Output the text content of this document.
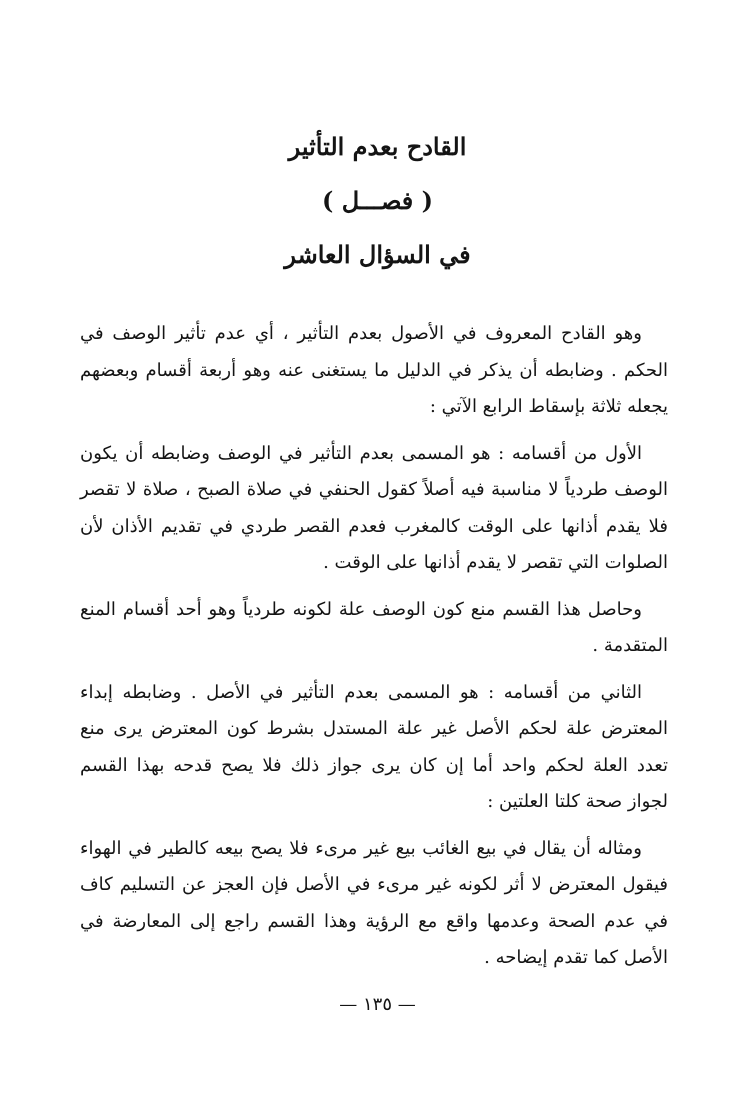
القادح بعدم التأثير
( فصـــل )
في السؤال العاشر

وهو القادح المعروف في الأصول بعدم التأثير ، أي عدم تأثير الوصف في الحكم . وضابطه أن يذكر في الدليل ما يستغنى عنه وهو أربعة أقسام وبعضهم يجعله ثلاثة بإسقاط الرابع الآتي :

الأول من أقسامه : هو المسمى بعدم التأثير في الوصف وضابطه أن يكون الوصف طردياً لا مناسبة فيه أصلاً كقول الحنفي في صلاة الصبح ، صلاة لا تقصر فلا يقدم أذانها على الوقت كالمغرب فعدم القصر طردي في تقديم الأذان لأن الصلوات التي تقصر لا يقدم أذانها على الوقت .

وحاصل هذا القسم منع كون الوصف علة لكونه طردياً وهو أحد أقسام المنع المتقدمة .

الثاني من أقسامه : هو المسمى بعدم التأثير في الأصل . وضابطه إبداء المعترض علة لحكم الأصل غير علة المستدل بشرط كون المعترض يرى منع تعدد العلة لحكم واحد أما إن كان يرى جواز ذلك فلا يصح قدحه بهذا القسم لجواز صحة كلتا العلتين :

ومثاله أن يقال في بيع الغائب بيع غير مرىء فلا يصح بيعه كالطير في الهواء فيقول المعترض لا أثر لكونه غير مرىء في الأصل فإن العجز عن التسليم كاف في عدم الصحة وعدمها واقع مع الرؤية وهذا القسم راجع إلى المعارضة في الأصل كما تقدم إيضاحه .

— ١٣٥ —
